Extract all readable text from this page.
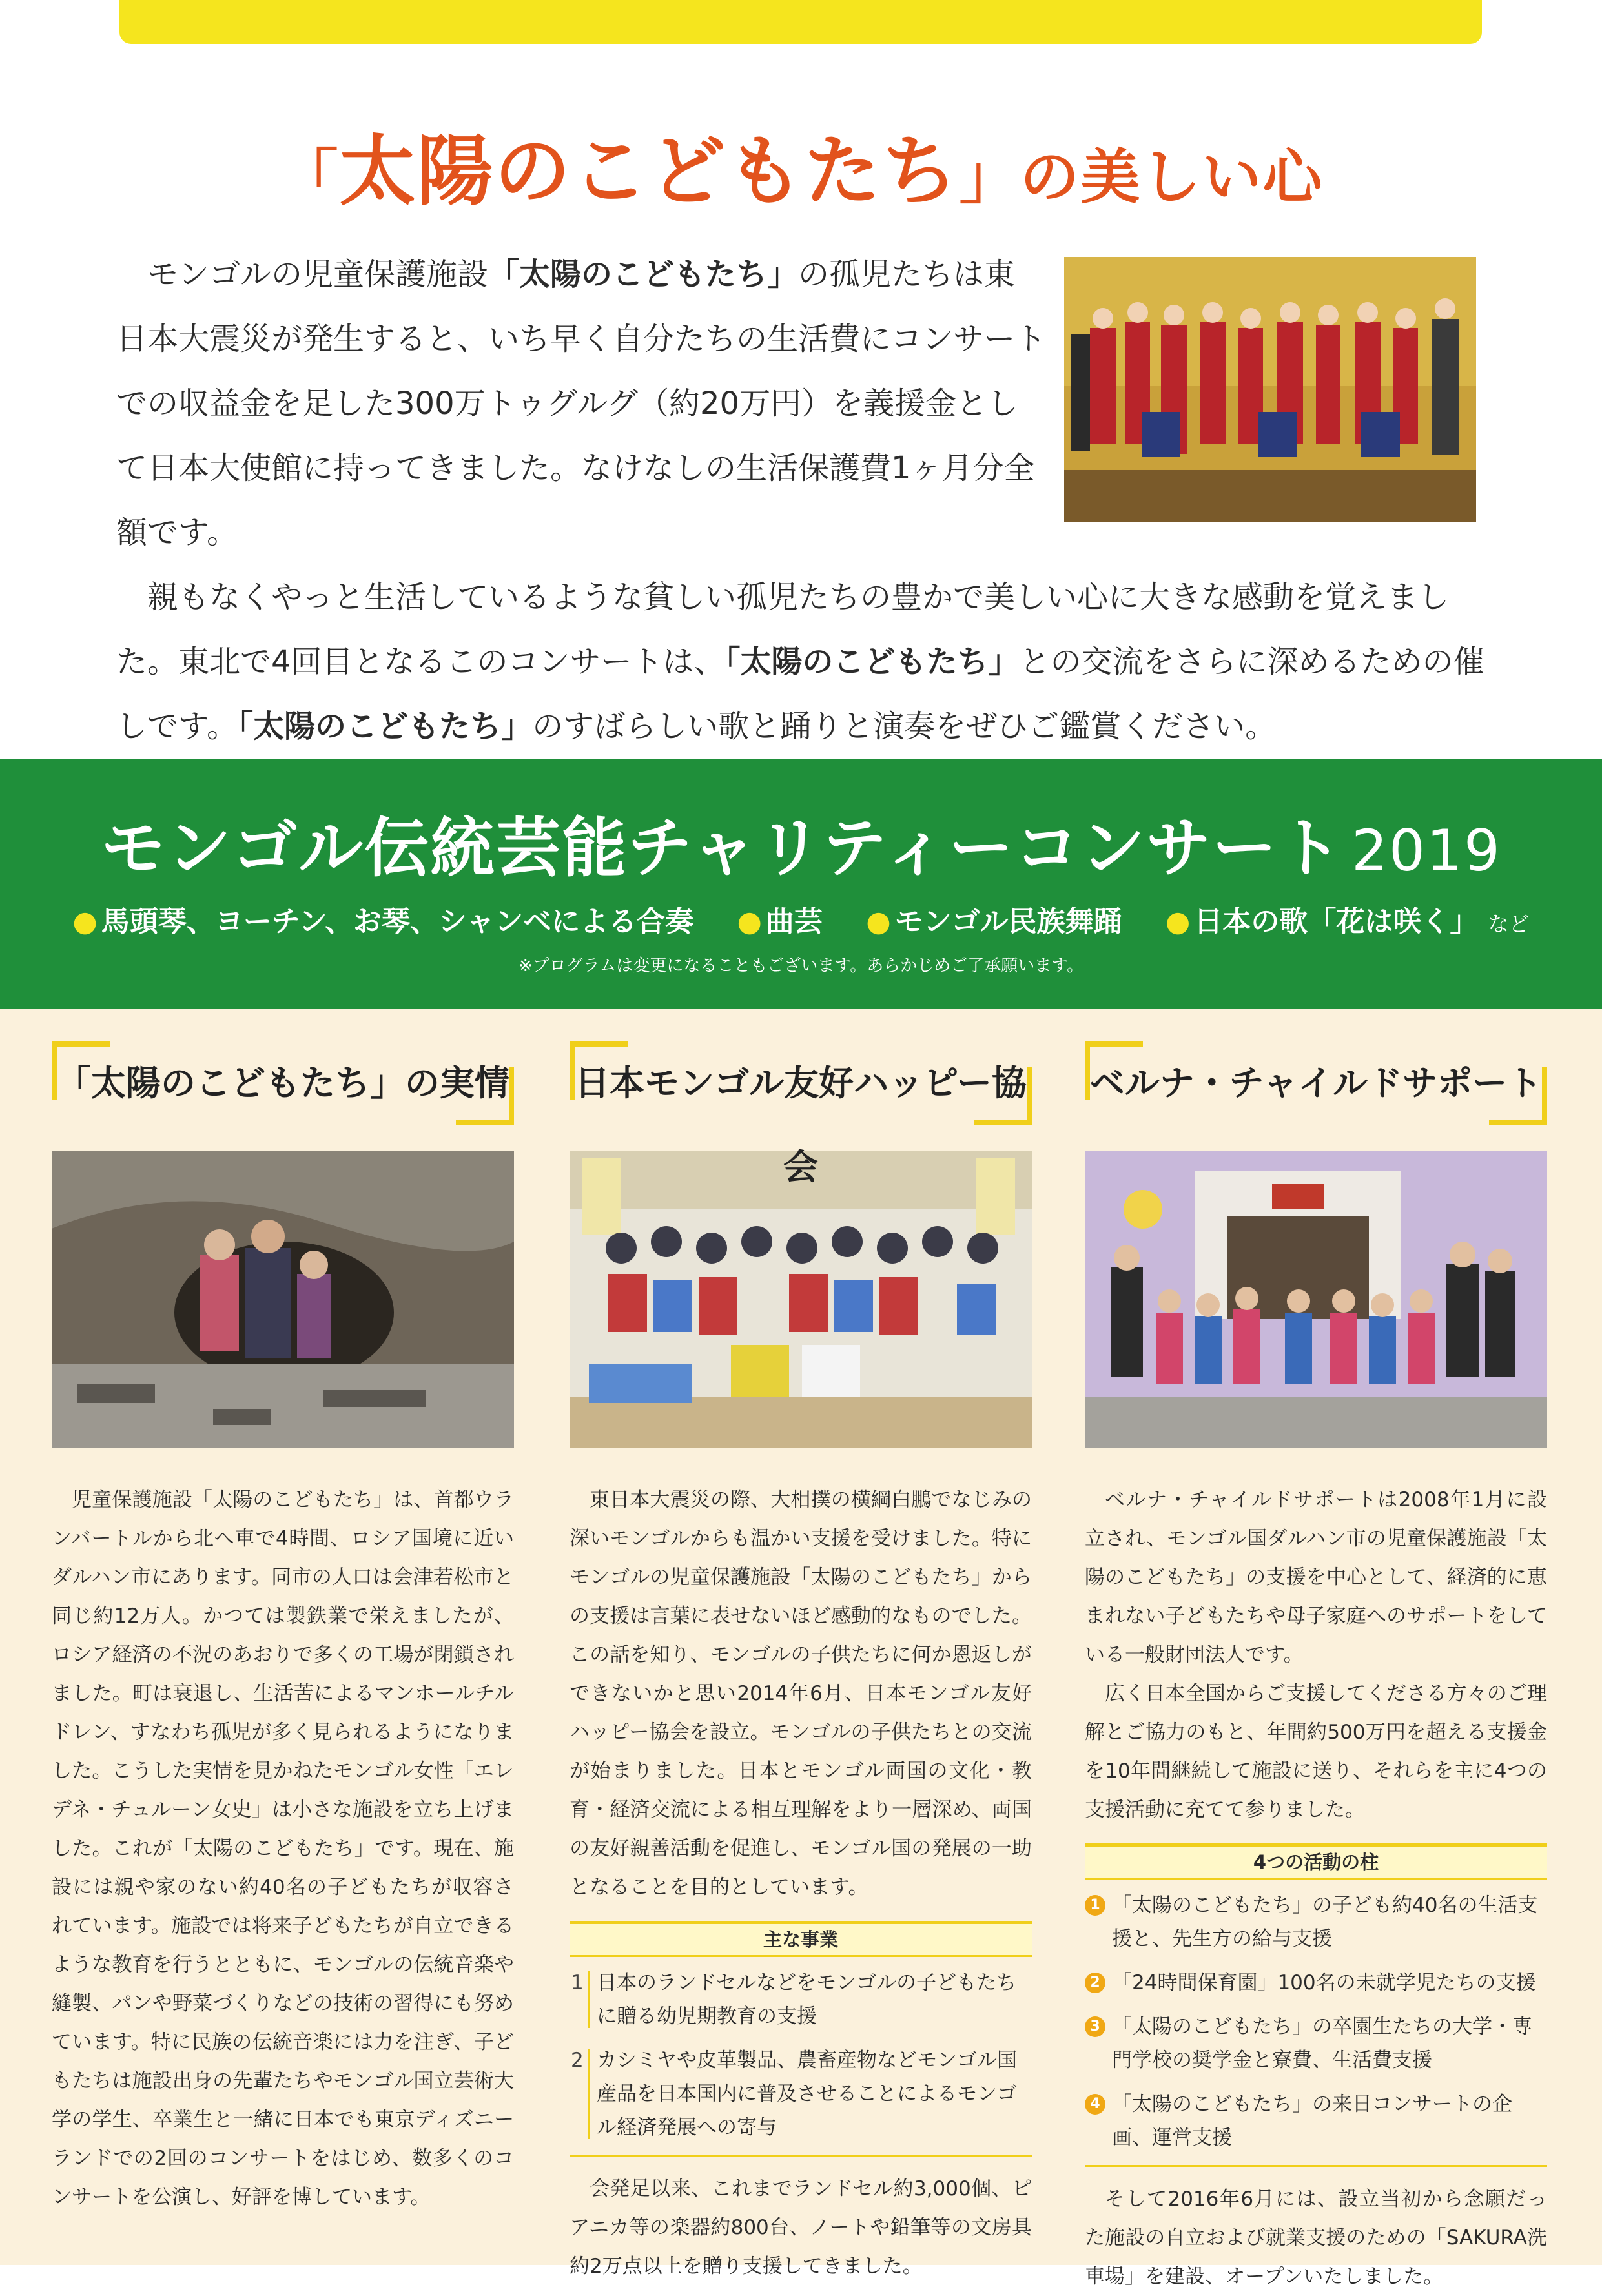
「太陽のこどもたち」の美しい心

モンゴルの児童保護施設「太陽のこどもたち」の孤児たちは東日本大震災が発生すると、いち早く自分たちの生活費にコンサートでの収益金を足した300万トゥグルグ（約20万円）を義援金として日本大使館に持ってきました。なけなしの生活保護費1ヶ月分全額です。

親もなくやっと生活しているような貧しい孤児たちの豊かで美しい心に大きな感動を覚えました。東北で4回目となるこのコンサートは、「太陽のこどもたち」との交流をさらに深めるための催しです。「太陽のこどもたち」のすばらしい歌と踊りと演奏をぜひご鑑賞ください。

モンゴル伝統芸能チャリティーコンサート 2019
● 馬頭琴、ヨーチン、お琴、シャンベによる合奏 ● 曲芸 ● モンゴル民族舞踊 ● 日本の歌「花は咲く」 など
※プログラムは変更になることもございます。あらかじめご了承願います。
「太陽のこどもたち」の実情

児童保護施設「太陽のこどもたち」は、首都ウランバートルから北へ車で4時間、ロシア国境に近いダルハン市にあります。同市の人口は会津若松市と同じ約12万人。かつては製鉄業で栄えましたが、ロシア経済の不況のあおりで多くの工場が閉鎖されました。町は衰退し、生活苦によるマンホールチルドレン、すなわち孤児が多く見られるようになりました。こうした実情を見かねたモンゴル女性「エレデネ・チュルーン女史」は小さな施設を立ち上げました。これが「太陽のこどもたち」です。現在、施設には親や家のない約40名の子どもたちが収容されています。施設では将来子どもたちが自立できるような教育を行うとともに、モンゴルの伝統音楽や縫製、パンや野菜づくりなどの技術の習得にも努めています。特に民族の伝統音楽には力を注ぎ、子どもたちは施設出身の先輩たちやモンゴル国立芸術大学の学生、卒業生と一緒に日本でも東京ディズニーランドでの2回のコンサートをはじめ、数多くのコンサートを公演し、好評を博しています。

日本モンゴル友好ハッピー協会

東日本大震災の際、大相撲の横綱白鵬でなじみの深いモンゴルからも温かい支援を受けました。特にモンゴルの児童保護施設「太陽のこどもたち」からの支援は言葉に表せないほど感動的なものでした。この話を知り、モンゴルの子供たちに何か恩返しができないかと思い2014年6月、日本モンゴル友好ハッピー協会を設立。モンゴルの子供たちとの交流が始まりました。日本とモンゴル両国の文化・教育・経済交流による相互理解をより一層深め、両国の友好親善活動を促進し、モンゴル国の発展の一助となることを目的としています。

主な事業
1 日本のランドセルなどをモンゴルの子どもたちに贈る幼児期教育の支援
2 カシミヤや皮革製品、農畜産物などモンゴル国産品を日本国内に普及させることによるモンゴル経済発展への寄与

会発足以来、これまでランドセル約3,000個、ピアニカ等の楽器約800台、ノートや鉛筆等の文房具約2万点以上を贈り支援してきました。

ベルナ・チャイルドサポート

ベルナ・チャイルドサポートは2008年1月に設立され、モンゴル国ダルハン市の児童保護施設「太陽のこどもたち」の支援を中心として、経済的に恵まれない子どもたちや母子家庭へのサポートをしている一般財団法人です。

広く日本全国からご支援してくださる方々のご理解とご協力のもと、年間約500万円を超える支援金を10年間継続して施設に送り、それらを主に4つの支援活動に充てて参りました。

4つの活動の柱
1 「太陽のこどもたち」の子ども約40名の生活支援と、先生方の給与支援
2 「24時間保育園」100名の未就学児たちの支援
3 「太陽のこどもたち」の卒園生たちの大学・専門学校の奨学金と寮費、生活費支援
4 「太陽のこどもたち」の来日コンサートの企画、運営支援

そして2016年6月には、設立当初から念願だった施設の自立および就業支援のための「SAKURA洗車場」を建設、オープンいたしました。
